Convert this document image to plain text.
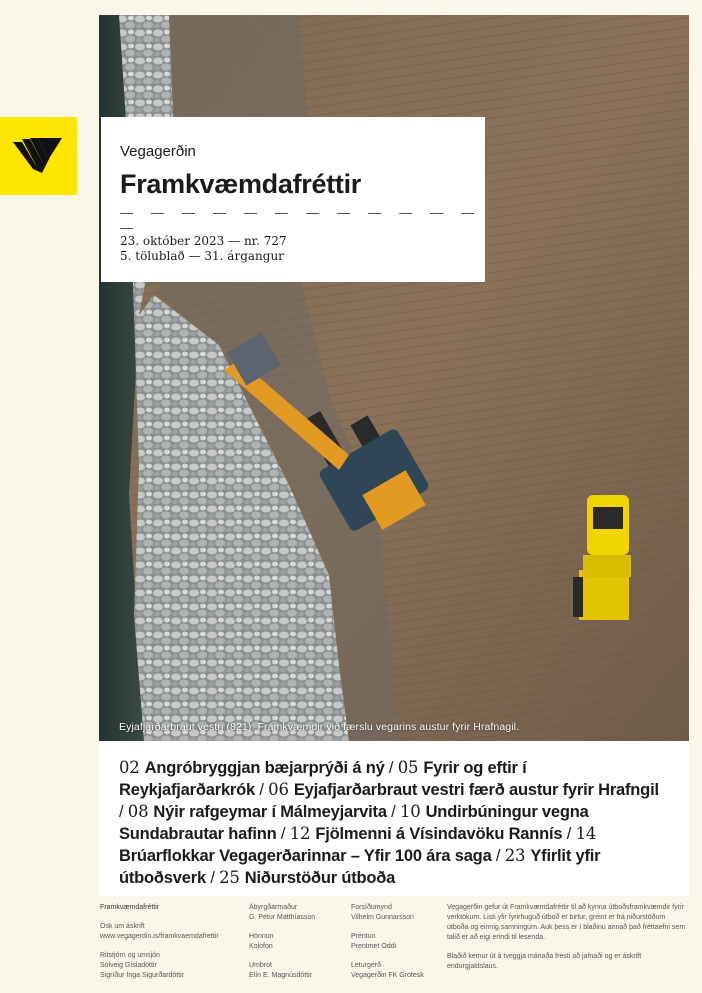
Eyjafjarðarbraut vestri (821). Framkvæmdir við færslu vegarins austur fyrir Hrafnagil.
Vegagerðin
Framkvæmdafréttir
— — — — — — — — — — — — —
23. október 2023 — nr. 727
5. tölublað — 31. árgangur
02 Angróbryggjan bæjarprýði á ný / 05 Fyrir og eftir í Reykjafjarðarkrók / 06 Eyjafjarðarbraut vestri færð austur fyrir Hrafngil / 08 Nýir rafgeymar í Málmeyjarvita / 10 Undirbúningur vegna Sundabrautar hafinn / 12 Fjölmenni á Vísindavöku Rannís / 14 Brúarflokkar Vegagerðarinnar – Yfir 100 ára saga / 23 Yfirlit yfir útboðsverk / 25 Niðurstöður útboða

Framkvæmdafréttir

Ósk um áskrift

www.vegagerdin.is/framkvaemdafrettir

Ritstjórn og umsjón

Sólveig Gísladóttir

Sigríður Inga Sigurðardóttir

Ábyrgðarmaður

G. Pétur Matthíasson

Hönnun

Kolofon

Umbrot

Elín E. Magnúsdóttir

Forsíðumynd

Vilhelm Gunnarsson

Prentun

Prentmet Oddi

Leturgerð

Vegagerðin FK Grotesk

Vegagerðin gefur út Framkvæmdafréttir til að kynna útboðsframkvæmdir fyrir verktökum. Listi yfir fyrirhuguð útboð er birtur, greint er frá niðurstöðum útboða og einnig samningum. Auk þess er í blaðinu annað það fréttaefni sem talið er að eigi erindi til lesenda.

Blaðið kemur út á tveggja mánaða fresti að jafnaði og er áskrift endurgjaldslaus.
